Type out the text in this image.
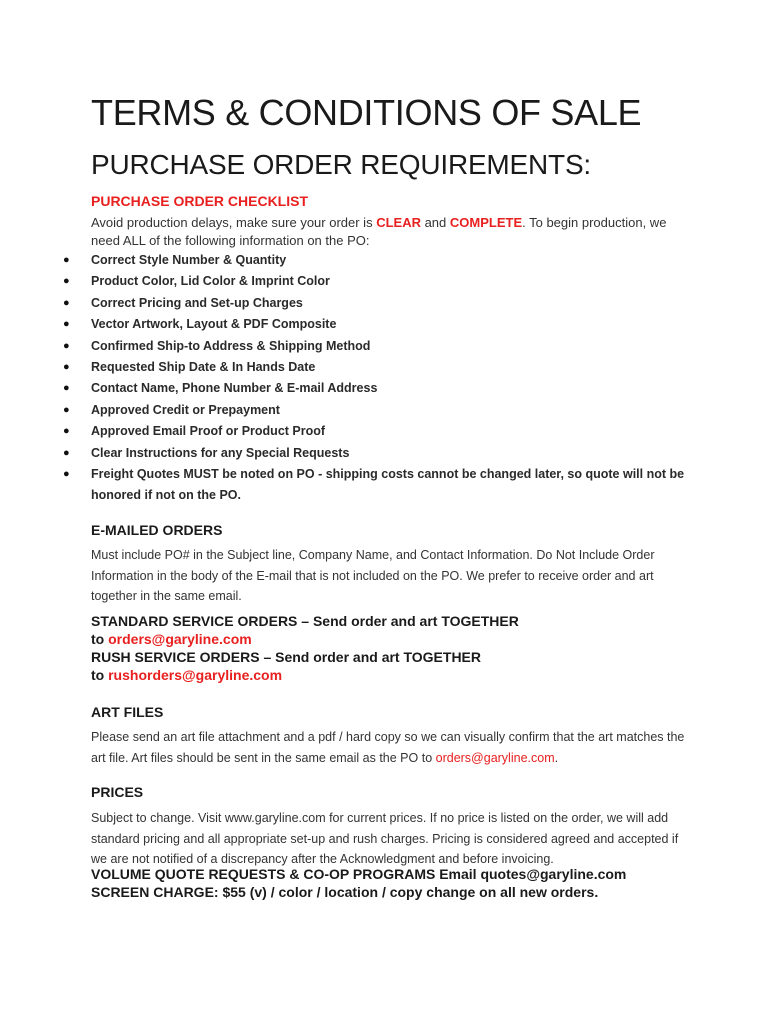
TERMS & CONDITIONS OF SALE
PURCHASE ORDER REQUIREMENTS:
PURCHASE ORDER CHECKLIST

Avoid production delays, make sure your order is CLEAR and COMPLETE. To begin production, we need ALL of the following information on the PO:

● Correct Style Number & Quantity
● Product Color, Lid Color & Imprint Color
● Correct Pricing and Set-up Charges
● Vector Artwork, Layout & PDF Composite
● Confirmed Ship-to Address & Shipping Method
● Requested Ship Date & In Hands Date
● Contact Name, Phone Number & E-mail Address
● Approved Credit or Prepayment
● Approved Email Proof or Product Proof
● Clear Instructions for any Special Requests
● Freight Quotes MUST be noted on PO - shipping costs cannot be changed later, so quote will not be honored if not on the PO.
E-MAILED ORDERS

Must include PO# in the Subject line, Company Name, and Contact Information. Do Not Include Order Information in the body of the E-mail that is not included on the PO. We prefer to receive order and art together in the same email.

STANDARD SERVICE ORDERS – Send order and art TOGETHER
to orders@garyline.com
RUSH SERVICE ORDERS – Send order and art TOGETHER
to rushorders@garyline.com
ART FILES

Please send an art file attachment and a pdf / hard copy so we can visually confirm that the art matches the art file. Art files should be sent in the same email as the PO to orders@garyline.com.

PRICES

Subject to change. Visit www.garyline.com for current prices. If no price is listed on the order, we will add standard pricing and all appropriate set-up and rush charges. Pricing is considered agreed and accepted if we are not notified of a discrepancy after the Acknowledgment and before invoicing.

VOLUME QUOTE REQUESTS & CO-OP PROGRAMS Email quotes@garyline.com
SCREEN CHARGE: $55 (v) / color / location / copy change on all new orders.
